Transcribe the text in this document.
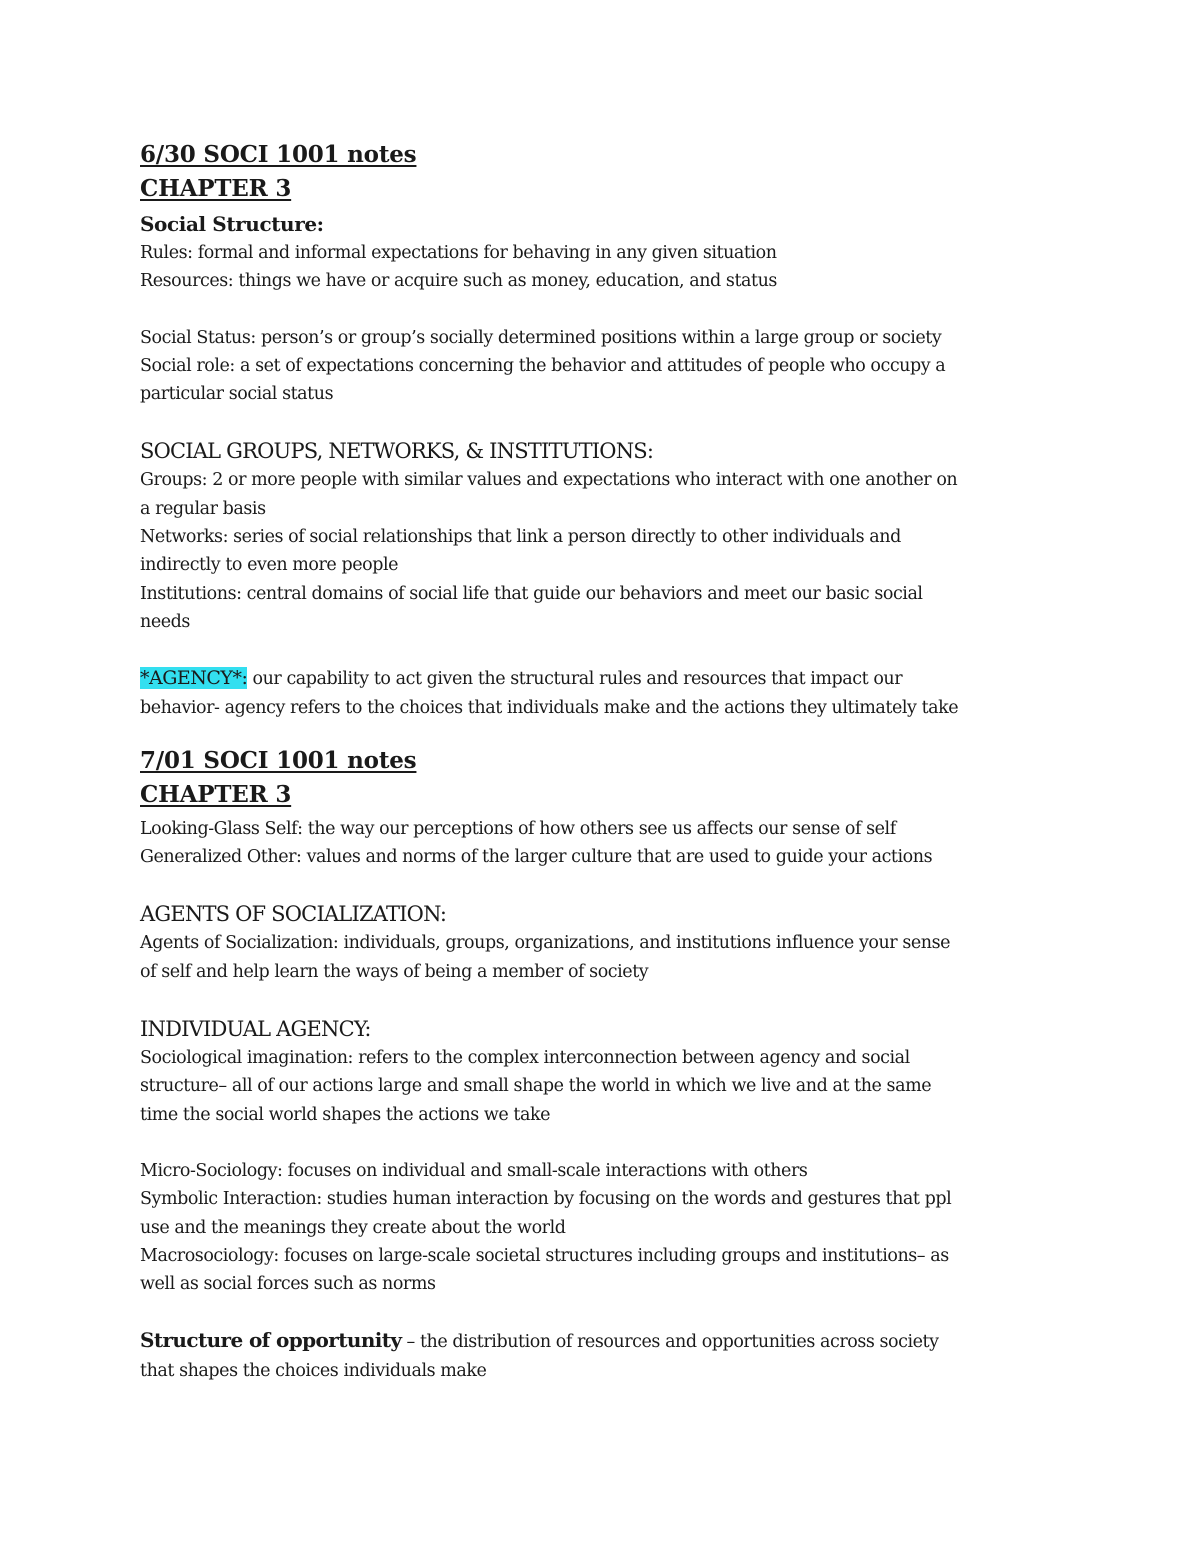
6/30 SOCI 1001 notes

CHAPTER 3

Social Structure:

Rules: formal and informal expectations for behaving in any given situation

Resources: things we have or acquire such as money, education, and status

Social Status: person’s or group’s socially determined positions within a large group or society

Social role: a set of expectations concerning the behavior and attitudes of people who occupy a

particular social status

SOCIAL GROUPS, NETWORKS, & INSTITUTIONS:

Groups: 2 or more people with similar values and expectations who interact with one another on

a regular basis

Networks: series of social relationships that link a person directly to other individuals and

indirectly to even more people

Institutions: central domains of social life that guide our behaviors and meet our basic social

needs

*AGENCY*: our capability to act given the structural rules and resources that impact our

behavior- agency refers to the choices that individuals make and the actions they ultimately take

7/01 SOCI 1001 notes

CHAPTER 3

Looking-Glass Self: the way our perceptions of how others see us affects our sense of self

Generalized Other: values and norms of the larger culture that are used to guide your actions

AGENTS OF SOCIALIZATION:

Agents of Socialization: individuals, groups, organizations, and institutions influence your sense

of self and help learn the ways of being a member of society

INDIVIDUAL AGENCY:

Sociological imagination: refers to the complex interconnection between agency and social

structure– all of our actions large and small shape the world in which we live and at the same

time the social world shapes the actions we take

Micro-Sociology: focuses on individual and small-scale interactions with others

Symbolic Interaction: studies human interaction by focusing on the words and gestures that ppl

use and the meanings they create about the world

Macrosociology: focuses on large-scale societal structures including groups and institutions– as

well as social forces such as norms

Structure of opportunity – the distribution of resources and opportunities across society

that shapes the choices individuals make
